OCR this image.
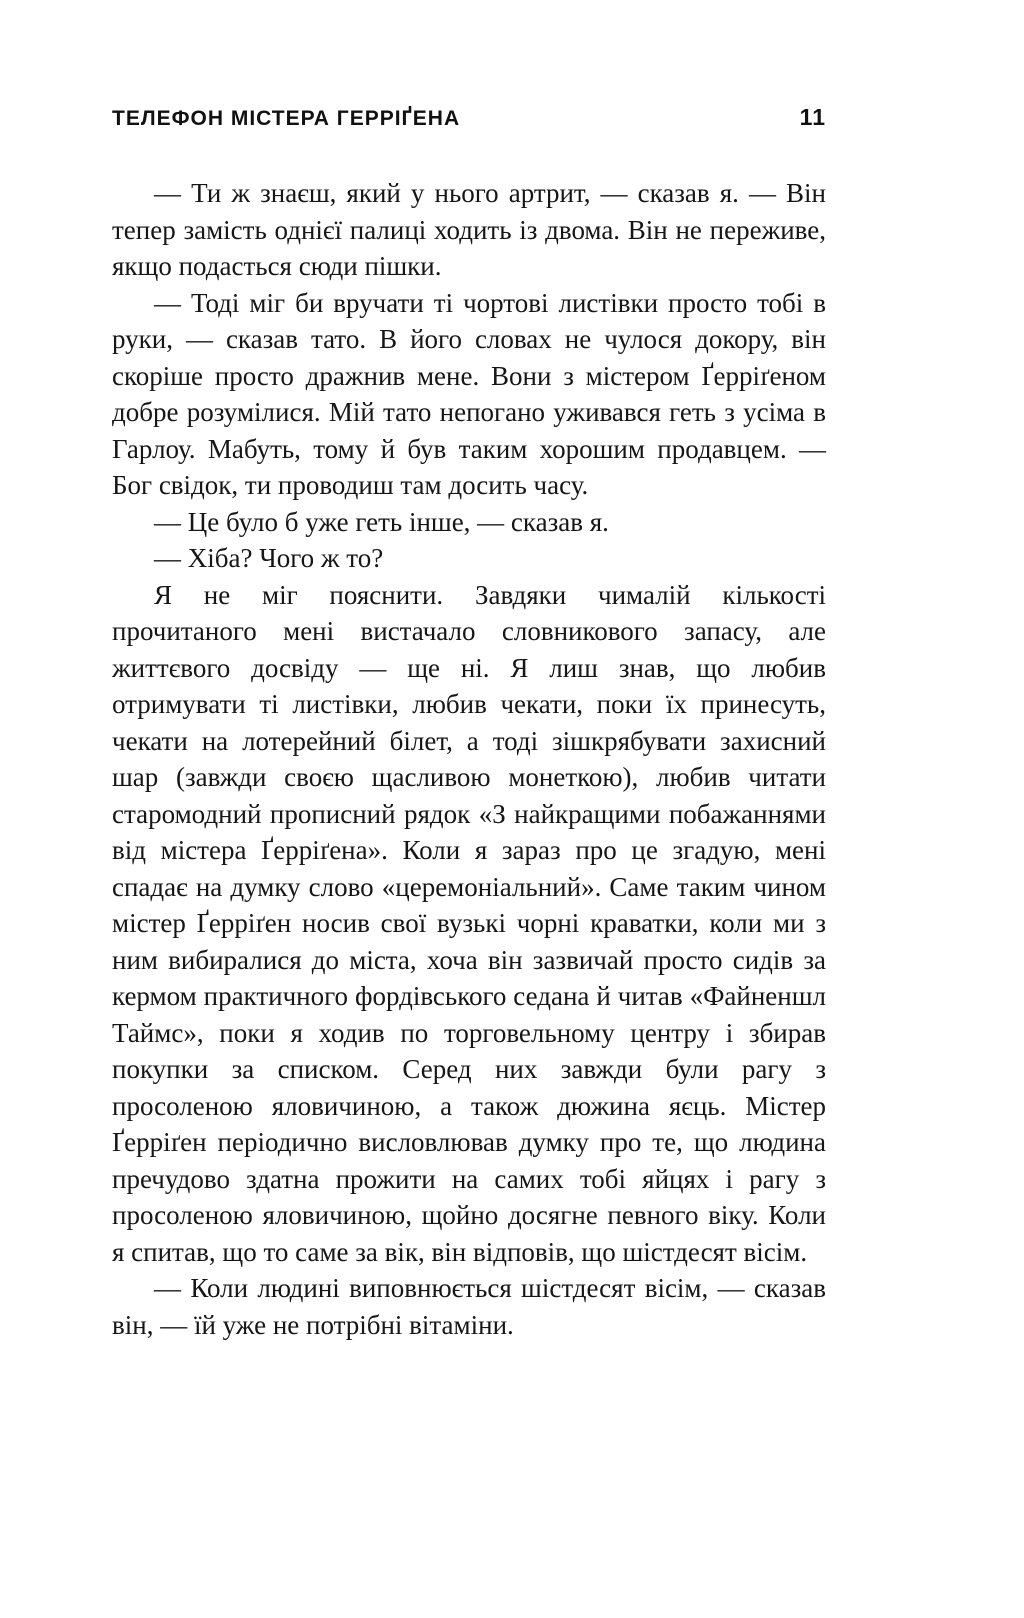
ТЕЛЕФОН МІСТЕРА ГЕРРІҐЕНА	11

— Ти ж знаєш, який у нього артрит, — сказав я. — Він тепер замість однієї палиці ходить із двома. Він не переживе, якщо подасться сюди пішки.

— Тоді міг би вручати ті чортові листівки просто тобі в руки, — сказав тато. В його словах не чулося докору, він скоріше просто дражнив мене. Вони з містером Ґерріґеном добре розумілися. Мій тато непогано уживався геть з усіма в Гарлоу. Мабуть, тому й був таким хорошим продавцем. — Бог свідок, ти проводиш там досить часу.

— Це було б уже геть інше, — сказав я.

— Хіба? Чого ж то?

Я не міг пояснити. Завдяки чималій кількості прочитаного мені вистачало словникового запасу, але життєвого досвіду — ще ні. Я лиш знав, що любив отримувати ті листівки, любив чекати, поки їх принесуть, чекати на лотерейний білет, а тоді зішкрябувати захисний шар (завжди своєю щасливою монеткою), любив читати старомодний прописний рядок «З найкращими побажаннями від містера Ґерріґена». Коли я зараз про це згадую, мені спадає на думку слово «церемоніальний». Саме таким чином містер Ґерріґен носив свої вузькі чорні краватки, коли ми з ним вибиралися до міста, хоча він зазвичай просто сидів за кермом практичного фордівського седана й читав «Файненшл Таймс», поки я ходив по торговельному центру і збирав покупки за списком. Серед них завжди були рагу з просоленою яловичиною, а також дюжина яєць. Містер Ґерріґен періодично висловлював думку про те, що людина пречудово здатна прожити на самих тобі яйцях і рагу з просоленою яловичиною, щойно досягне певного віку. Коли я спитав, що то саме за вік, він відповів, що шістдесят вісім.

— Коли людині виповнюється шістдесят вісім, — сказав він, — їй уже не потрібні вітаміни.
